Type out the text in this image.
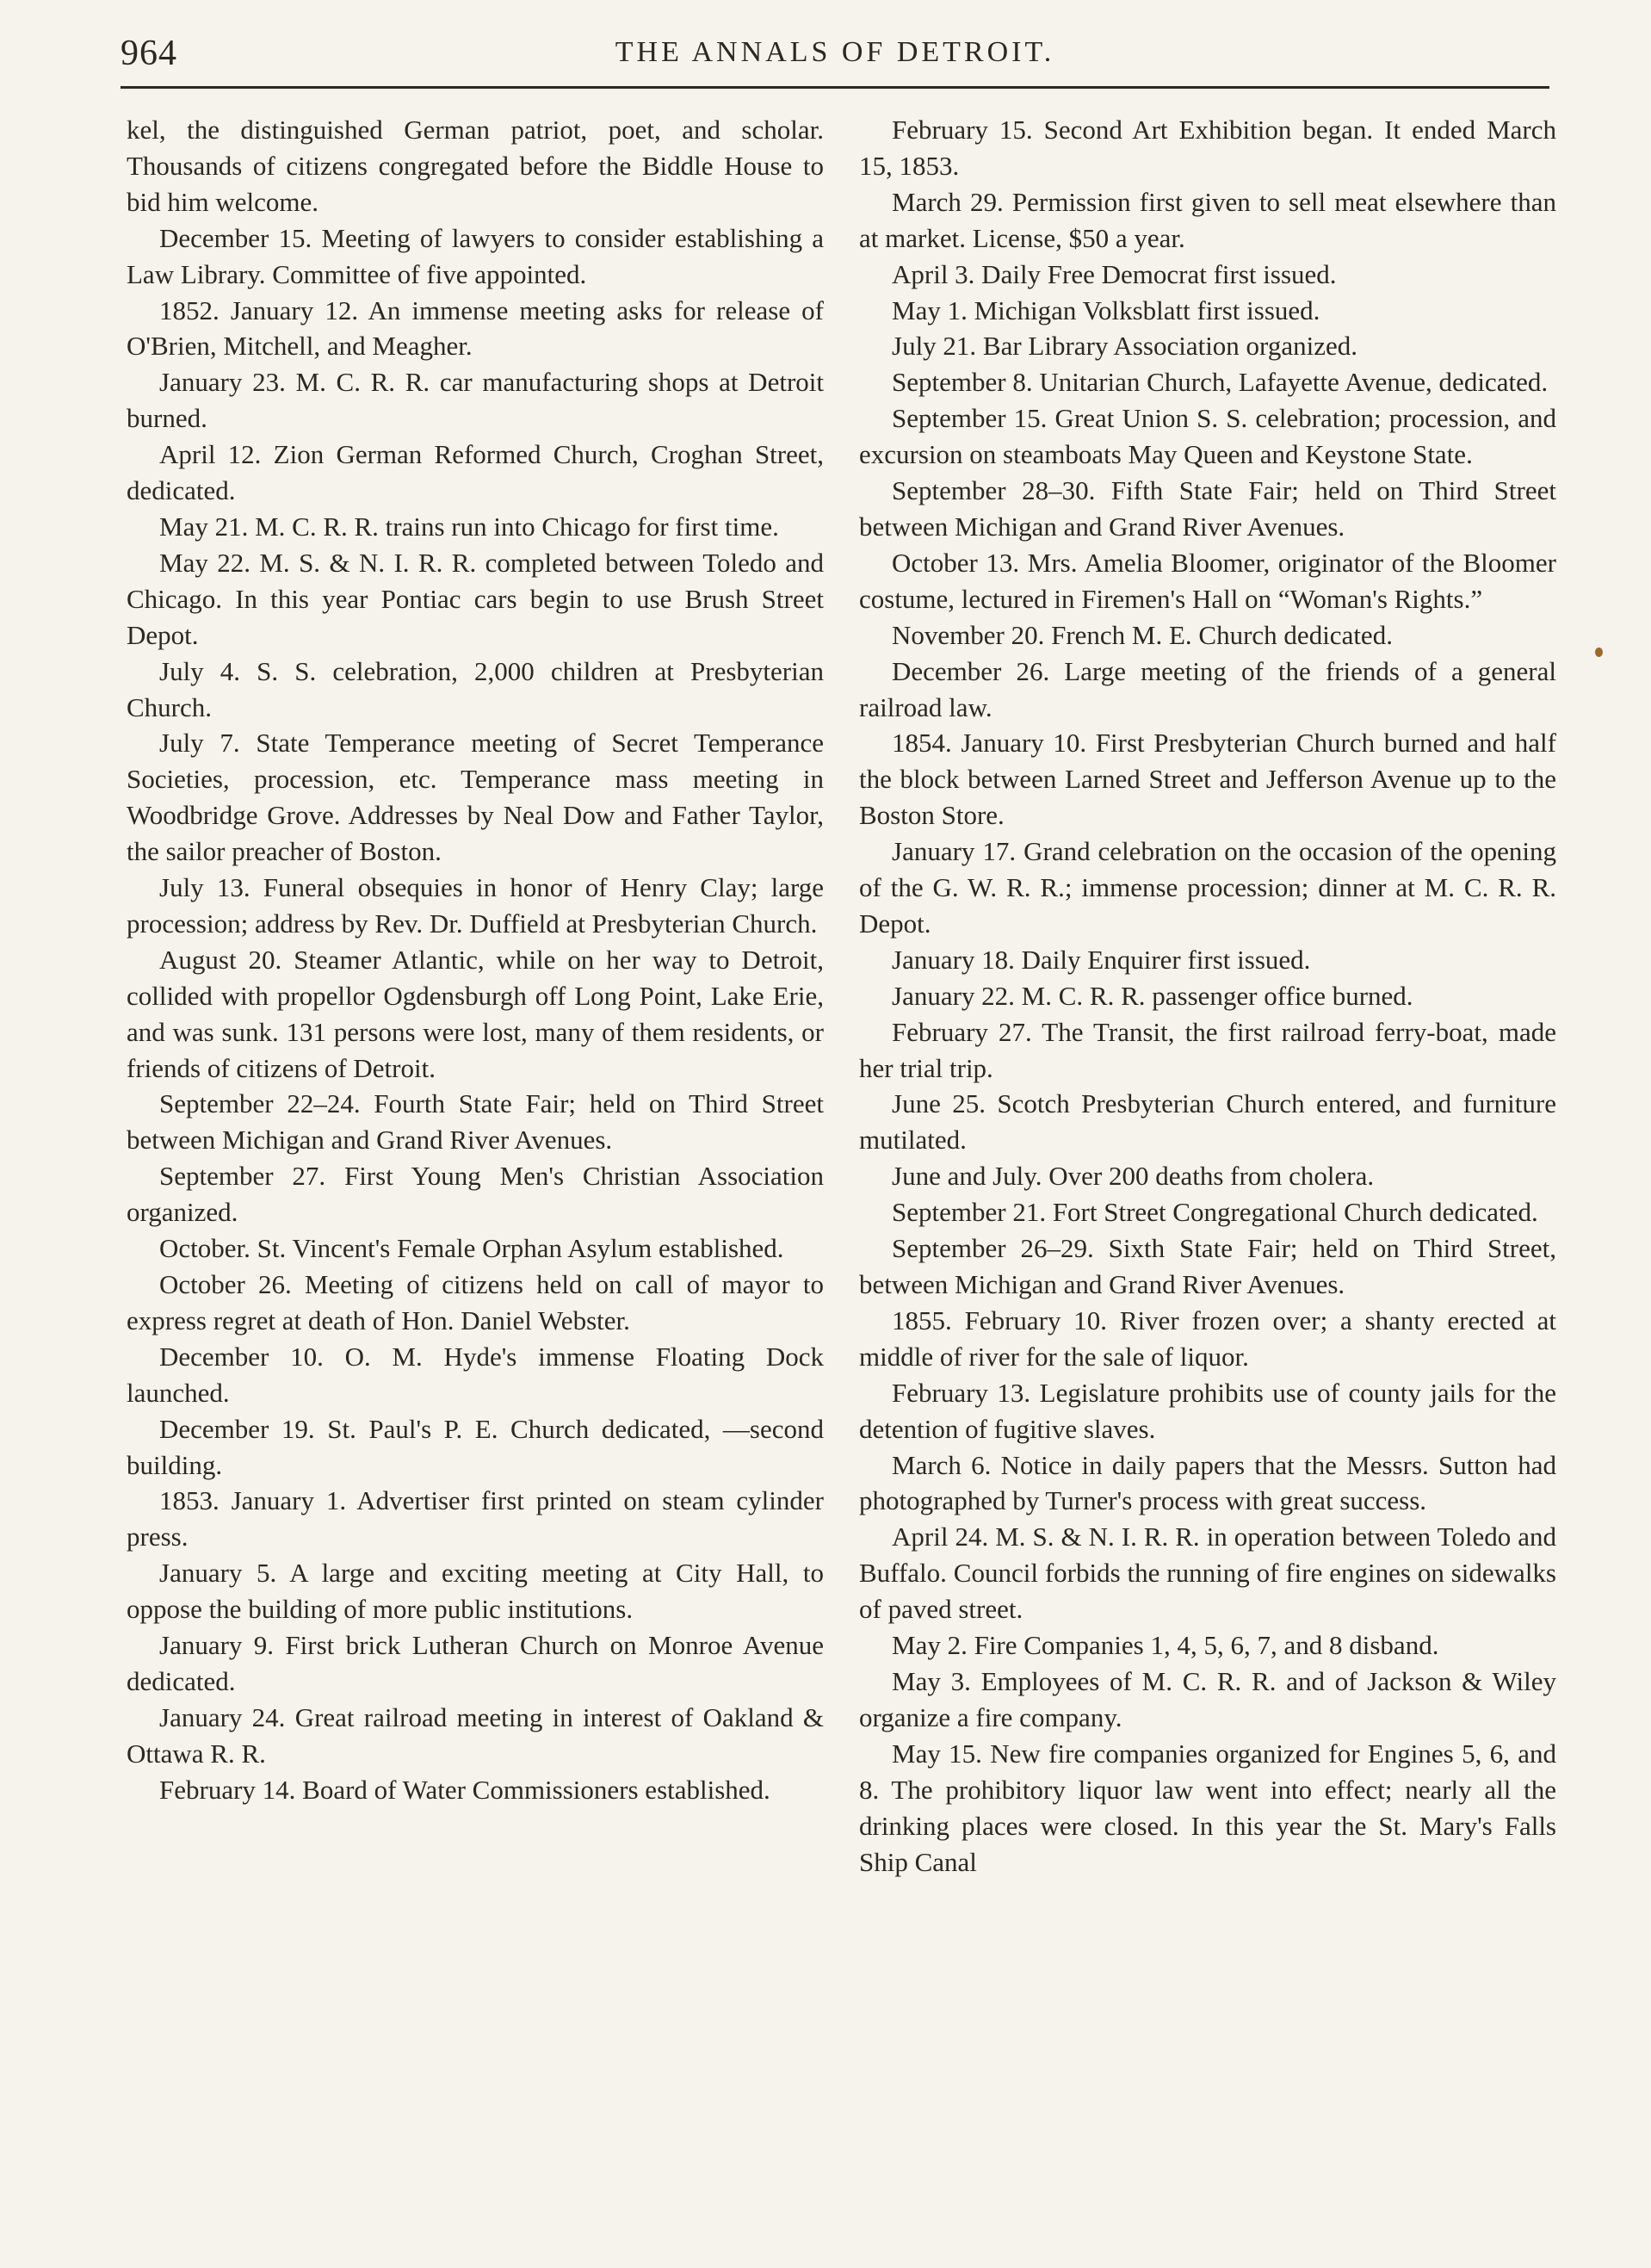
964	THE ANNALS OF DETROIT.

kel, the distinguished German patriot, poet, and scholar. Thousands of citizens congregated before the Biddle House to bid him welcome.

December 15. Meeting of lawyers to consider establishing a Law Library. Committee of five appointed.

1852. January 12. An immense meeting asks for release of O'Brien, Mitchell, and Meagher.

January 23. M. C. R. R. car manufacturing shops at Detroit burned.

April 12. Zion German Reformed Church, Croghan Street, dedicated.

May 21. M. C. R. R. trains run into Chicago for first time.

May 22. M. S. & N. I. R. R. completed between Toledo and Chicago. In this year Pontiac cars begin to use Brush Street Depot.

July 4. S. S. celebration, 2,000 children at Presbyterian Church.

July 7. State Temperance meeting of Secret Temperance Societies, procession, etc. Temperance mass meeting in Woodbridge Grove. Addresses by Neal Dow and Father Taylor, the sailor preacher of Boston.

July 13. Funeral obsequies in honor of Henry Clay; large procession; address by Rev. Dr. Duffield at Presbyterian Church.

August 20. Steamer Atlantic, while on her way to Detroit, collided with propellor Ogdensburgh off Long Point, Lake Erie, and was sunk. 131 persons were lost, many of them residents, or friends of citizens of Detroit.

September 22–24. Fourth State Fair; held on Third Street between Michigan and Grand River Avenues.

September 27. First Young Men's Christian Association organized.

October. St. Vincent's Female Orphan Asylum established.

October 26. Meeting of citizens held on call of mayor to express regret at death of Hon. Daniel Webster.

December 10. O. M. Hyde's immense Floating Dock launched.

December 19. St. Paul's P. E. Church dedicated, —second building.

1853. January 1. Advertiser first printed on steam cylinder press.

January 5. A large and exciting meeting at City Hall, to oppose the building of more public institutions.

January 9. First brick Lutheran Church on Monroe Avenue dedicated.

January 24. Great railroad meeting in interest of Oakland & Ottawa R. R.

February 14. Board of Water Commissioners established.

February 15. Second Art Exhibition began. It ended March 15, 1853.

March 29. Permission first given to sell meat elsewhere than at market. License, $50 a year.

April 3. Daily Free Democrat first issued.

May 1. Michigan Volksblatt first issued.

July 21. Bar Library Association organized.

September 8. Unitarian Church, Lafayette Avenue, dedicated.

September 15. Great Union S. S. celebration; procession, and excursion on steamboats May Queen and Keystone State.

September 28–30. Fifth State Fair; held on Third Street between Michigan and Grand River Avenues.

October 13. Mrs. Amelia Bloomer, originator of the Bloomer costume, lectured in Firemen's Hall on “Woman's Rights.”

November 20. French M. E. Church dedicated.

December 26. Large meeting of the friends of a general railroad law.

1854. January 10. First Presbyterian Church burned and half the block between Larned Street and Jefferson Avenue up to the Boston Store.

January 17. Grand celebration on the occasion of the opening of the G. W. R. R.; immense procession; dinner at M. C. R. R. Depot.

January 18. Daily Enquirer first issued.

January 22. M. C. R. R. passenger office burned.

February 27. The Transit, the first railroad ferry-boat, made her trial trip.

June 25. Scotch Presbyterian Church entered, and furniture mutilated.

June and July. Over 200 deaths from cholera.

September 21. Fort Street Congregational Church dedicated.

September 26–29. Sixth State Fair; held on Third Street, between Michigan and Grand River Avenues.

1855. February 10. River frozen over; a shanty erected at middle of river for the sale of liquor.

February 13. Legislature prohibits use of county jails for the detention of fugitive slaves.

March 6. Notice in daily papers that the Messrs. Sutton had photographed by Turner's process with great success.

April 24. M. S. & N. I. R. R. in operation between Toledo and Buffalo. Council forbids the running of fire engines on sidewalks of paved street.

May 2. Fire Companies 1, 4, 5, 6, 7, and 8 disband.

May 3. Employees of M. C. R. R. and of Jackson & Wiley organize a fire company.

May 15. New fire companies organized for Engines 5, 6, and 8. The prohibitory liquor law went into effect; nearly all the drinking places were closed. In this year the St. Mary's Falls Ship Canal
